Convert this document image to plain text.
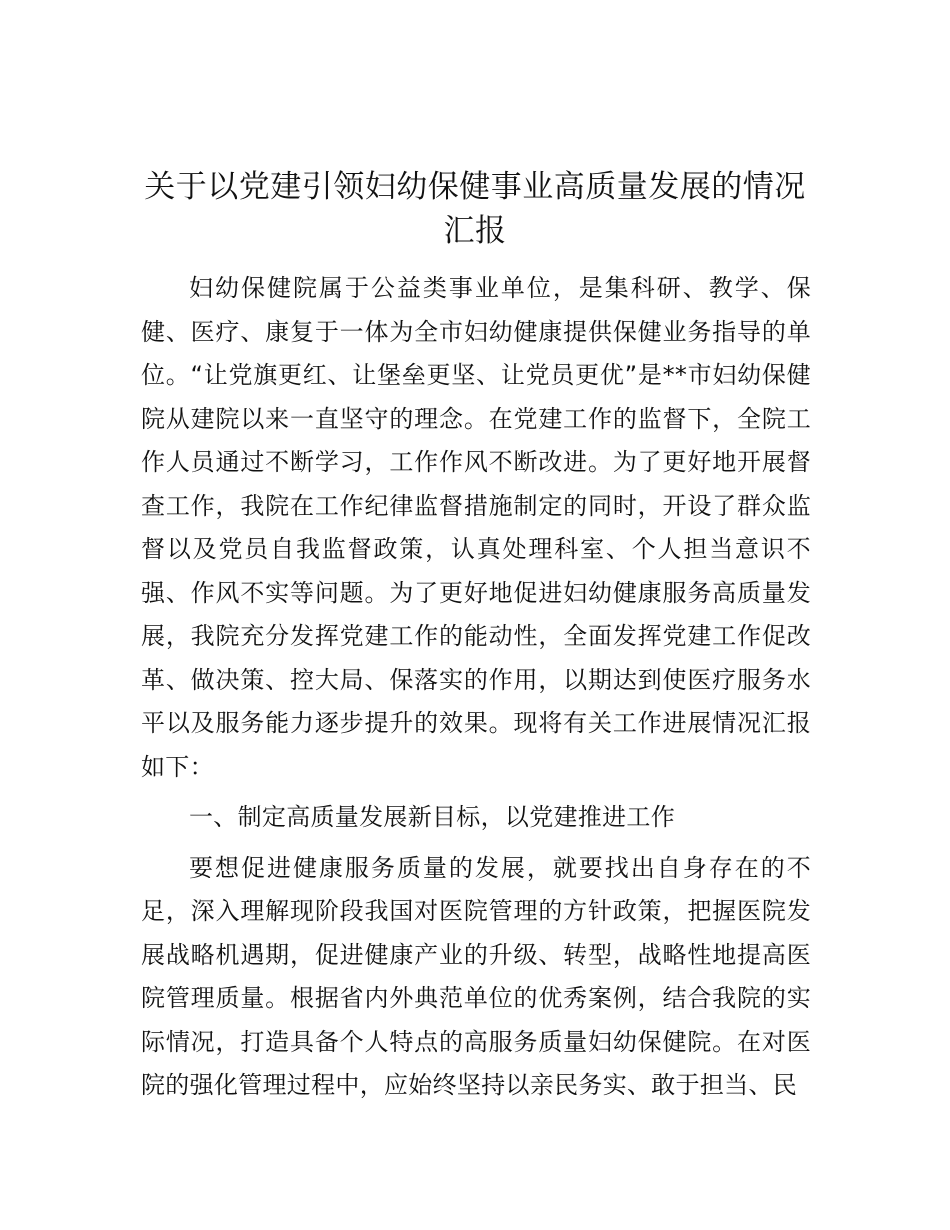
关于以党建引领妇幼保健事业高质量发展的情况汇报

妇幼保健院属于公益类事业单位，是集科研、教学、保健、医疗、康复于一体为全市妇幼健康提供保健业务指导的单位。“让党旗更红、让堡垒更坚、让党员更优”是**市妇幼保健院从建院以来一直坚守的理念。在党建工作的监督下，全院工作人员通过不断学习，工作作风不断改进。为了更好地开展督查工作，我院在工作纪律监督措施制定的同时，开设了群众监督以及党员自我监督政策，认真处理科室、个人担当意识不强、作风不实等问题。为了更好地促进妇幼健康服务高质量发展，我院充分发挥党建工作的能动性，全面发挥党建工作促改革、做决策、控大局、保落实的作用，以期达到使医疗服务水平以及服务能力逐步提升的效果。现将有关工作进展情况汇报如下：

一、制定高质量发展新目标，以党建推进工作

要想促进健康服务质量的发展，就要找出自身存在的不足，深入理解现阶段我国对医院管理的方针政策，把握医院发展战略机遇期，促进健康产业的升级、转型，战略性地提高医院管理质量。根据省内外典范单位的优秀案例，结合我院的实际情况，打造具备个人特点的高服务质量妇幼保健院。在对医院的强化管理过程中，应始终坚持以亲民务实、敢于担当、民
